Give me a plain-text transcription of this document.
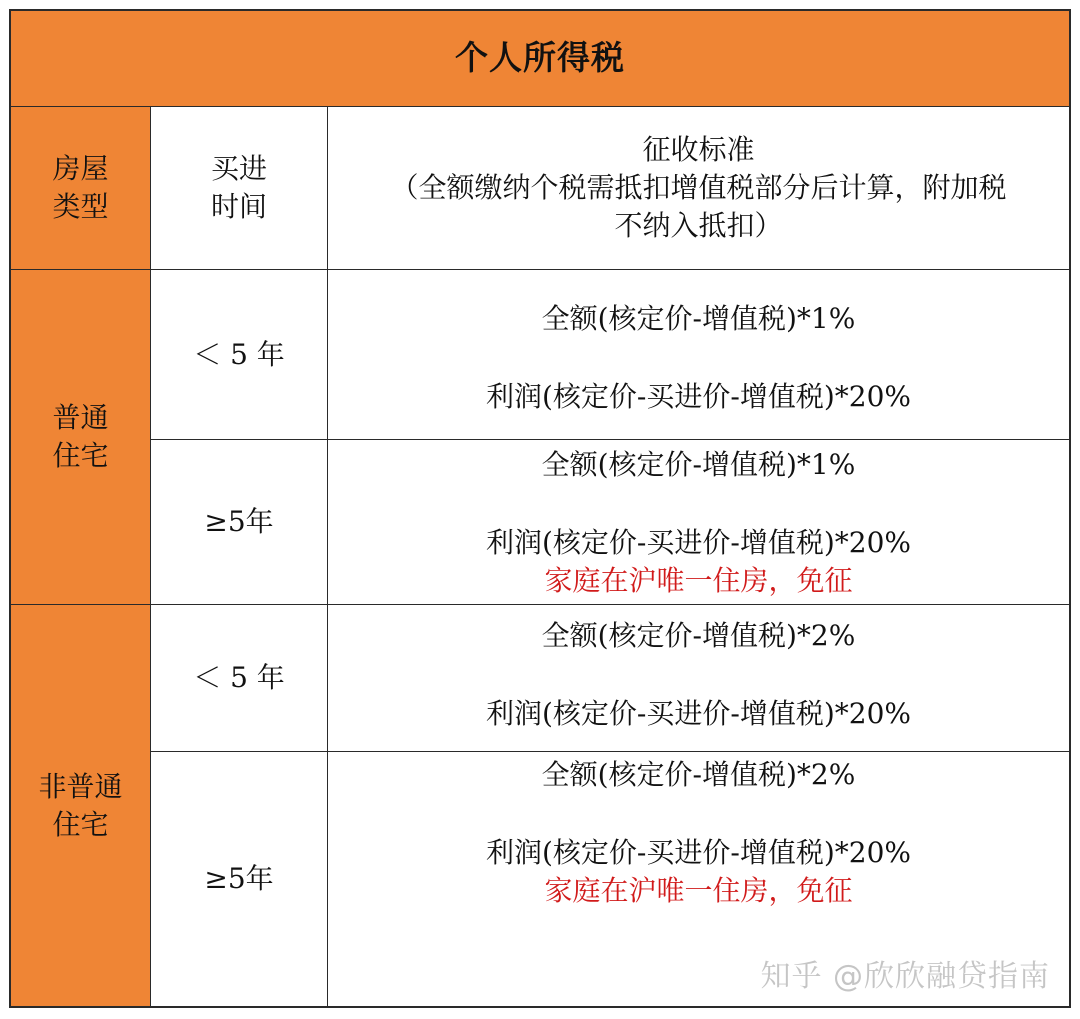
个人所得税
房屋
类型
买进
时间
征收标准
（全额缴纳个税需抵扣增值税部分后计算，附加税
不纳入抵扣）
普通
住宅
＜ 5 年
全额(核定价-增值税)*1%
利润(核定价-买进价-增值税)*20%
≥5年
全额(核定价-增值税)*1%
利润(核定价-买进价-增值税)*20%
家庭在沪唯一住房，免征
非普通
住宅
＜ 5 年
全额(核定价-增值税)*2%
利润(核定价-买进价-增值税)*20%
≥5年
全额(核定价-增值税)*2%
利润(核定价-买进价-增值税)*20%
家庭在沪唯一住房，免征
知乎 @欣欣融贷指南
